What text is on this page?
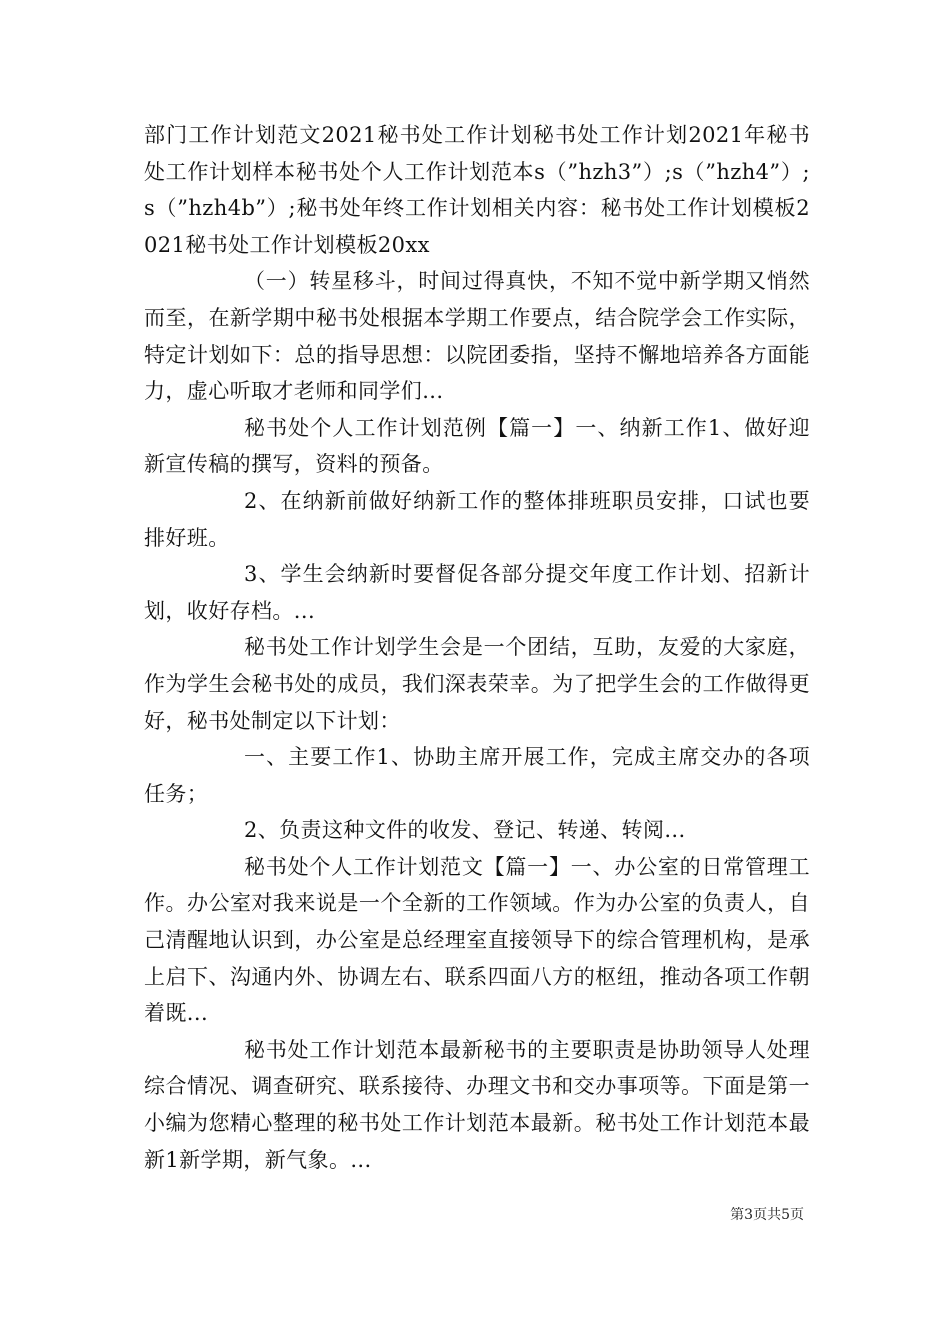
部门工作计划范文2021秘书处工作计划秘书处工作计划2021年秘书处工作计划样本秘书处个人工作计划范本s（”hzh3”）;s（”hzh4”）;s（”hzh4b”）;秘书处年终工作计划相关内容：秘书处工作计划模板2021秘书处工作计划模板20xx

（一）转星移斗，时间过得真快，不知不觉中新学期又悄然而至，在新学期中秘书处根据本学期工作要点，结合院学会工作实际，特定计划如下：总的指导思想：以院团委指，坚持不懈地培养各方面能力，虚心听取才老师和同学们...

秘书处个人工作计划范例【篇一】一、纳新工作1、做好迎新宣传稿的撰写，资料的预备。

2、在纳新前做好纳新工作的整体排班职员安排，口试也要排好班。

3、学生会纳新时要督促各部分提交年度工作计划、招新计划，收好存档。...

秘书处工作计划学生会是一个团结，互助，友爱的大家庭，作为学生会秘书处的成员，我们深表荣幸。为了把学生会的工作做得更好，秘书处制定以下计划：

一、主要工作1、协助主席开展工作，完成主席交办的各项任务；

2、负责这种文件的收发、登记、转递、转阅...

秘书处个人工作计划范文【篇一】一、办公室的日常管理工作。办公室对我来说是一个全新的工作领域。作为办公室的负责人，自己清醒地认识到，办公室是总经理室直接领导下的综合管理机构，是承上启下、沟通内外、协调左右、联系四面八方的枢纽，推动各项工作朝着既...

秘书处工作计划范本最新秘书的主要职责是协助领导人处理综合情况、调查研究、联系接待、办理文书和交办事项等。下面是第一小编为您精心整理的秘书处工作计划范本最新。秘书处工作计划范本最新1新学期，新气象。...

第3页共5页
